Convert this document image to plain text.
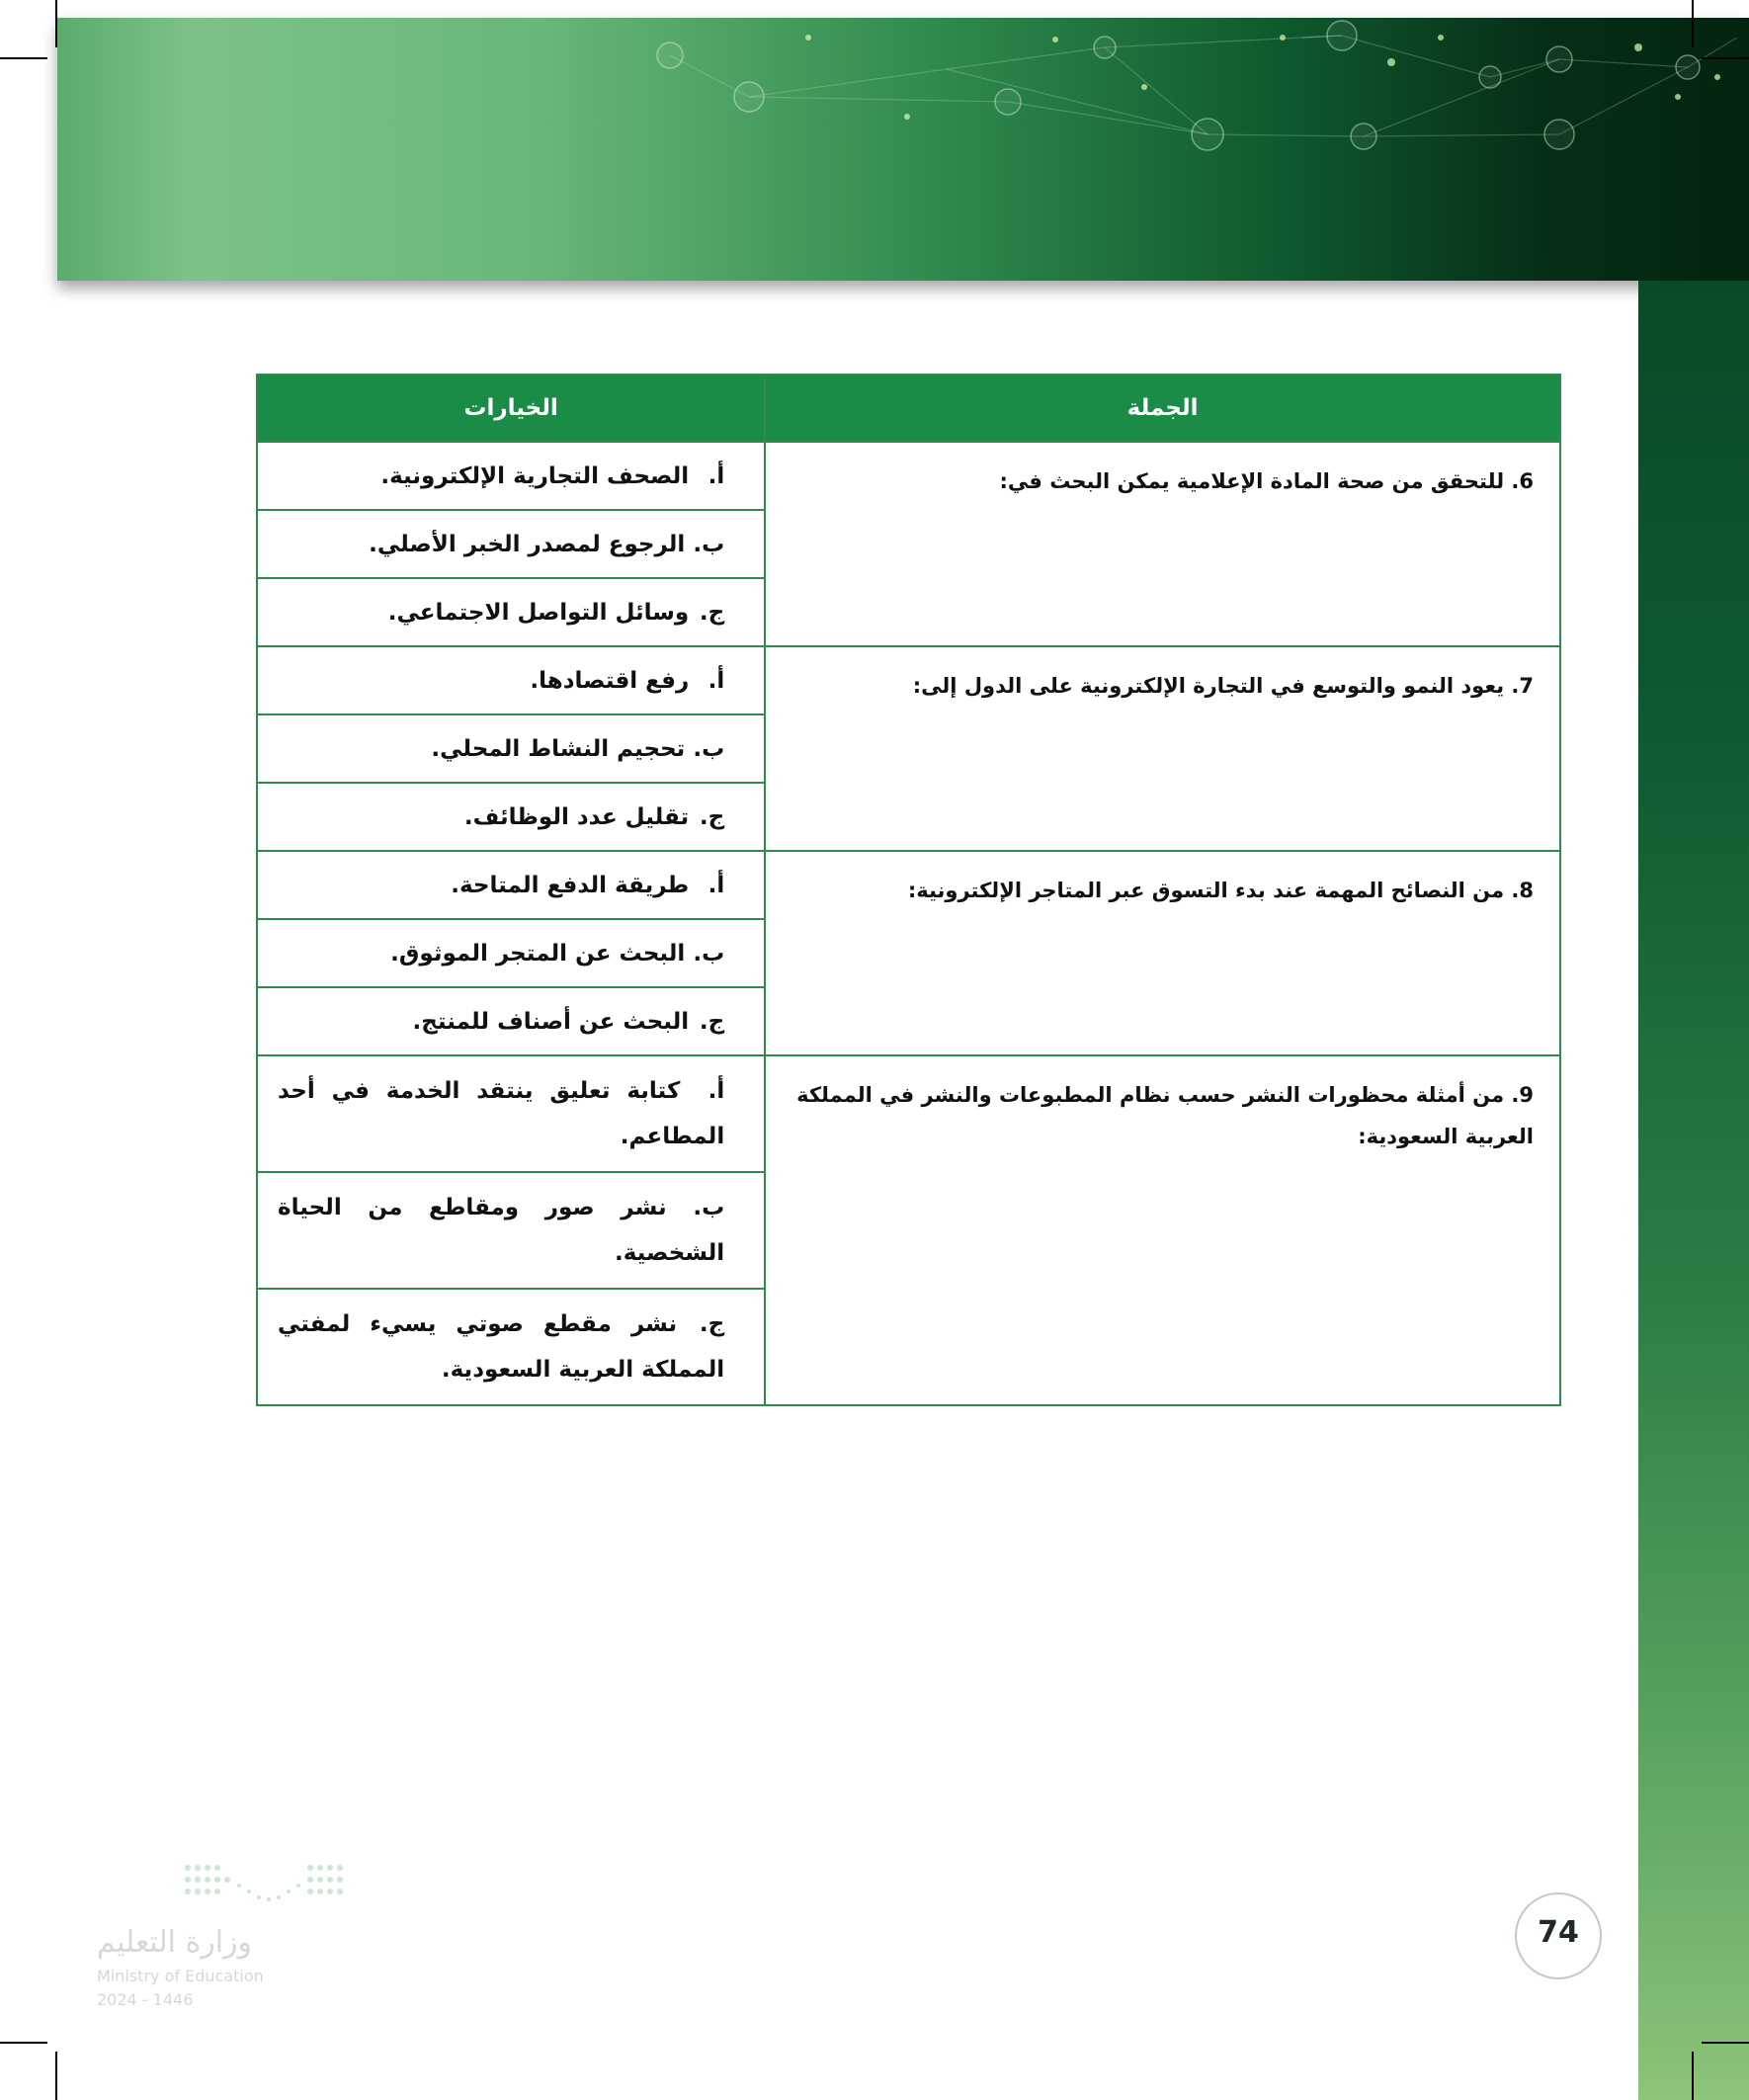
الجملة	الخيارات
6. للتحقق من صحة المادة الإعلامية يمكن البحث في:	أ. الصحف التجارية الإلكترونية.
	ب. الرجوع لمصدر الخبر الأصلي.
	ج. وسائل التواصل الاجتماعي.
7. يعود النمو والتوسع في التجارة الإلكترونية على الدول إلى:	أ. رفع اقتصادها.
	ب. تحجيم النشاط المحلي.
	ج. تقليل عدد الوظائف.
8. من النصائح المهمة عند بدء التسوق عبر المتاجر الإلكترونية:	أ. طريقة الدفع المتاحة.
	ب. البحث عن المتجر الموثوق.
	ج. البحث عن أصناف للمنتج.
9. من أمثلة محظورات النشر حسب نظام المطبوعات والنشر في المملكة العربية السعودية:	أ. كتابة تعليق ينتقد الخدمة في أحد المطاعم.
	ب. نشر صور ومقاطع من الحياة الشخصية.
	ج. نشر مقطع صوتي يسيء لمفتي المملكة العربية السعودية.
وزارة التعليم
Ministry of Education
2024 - 1446
74
